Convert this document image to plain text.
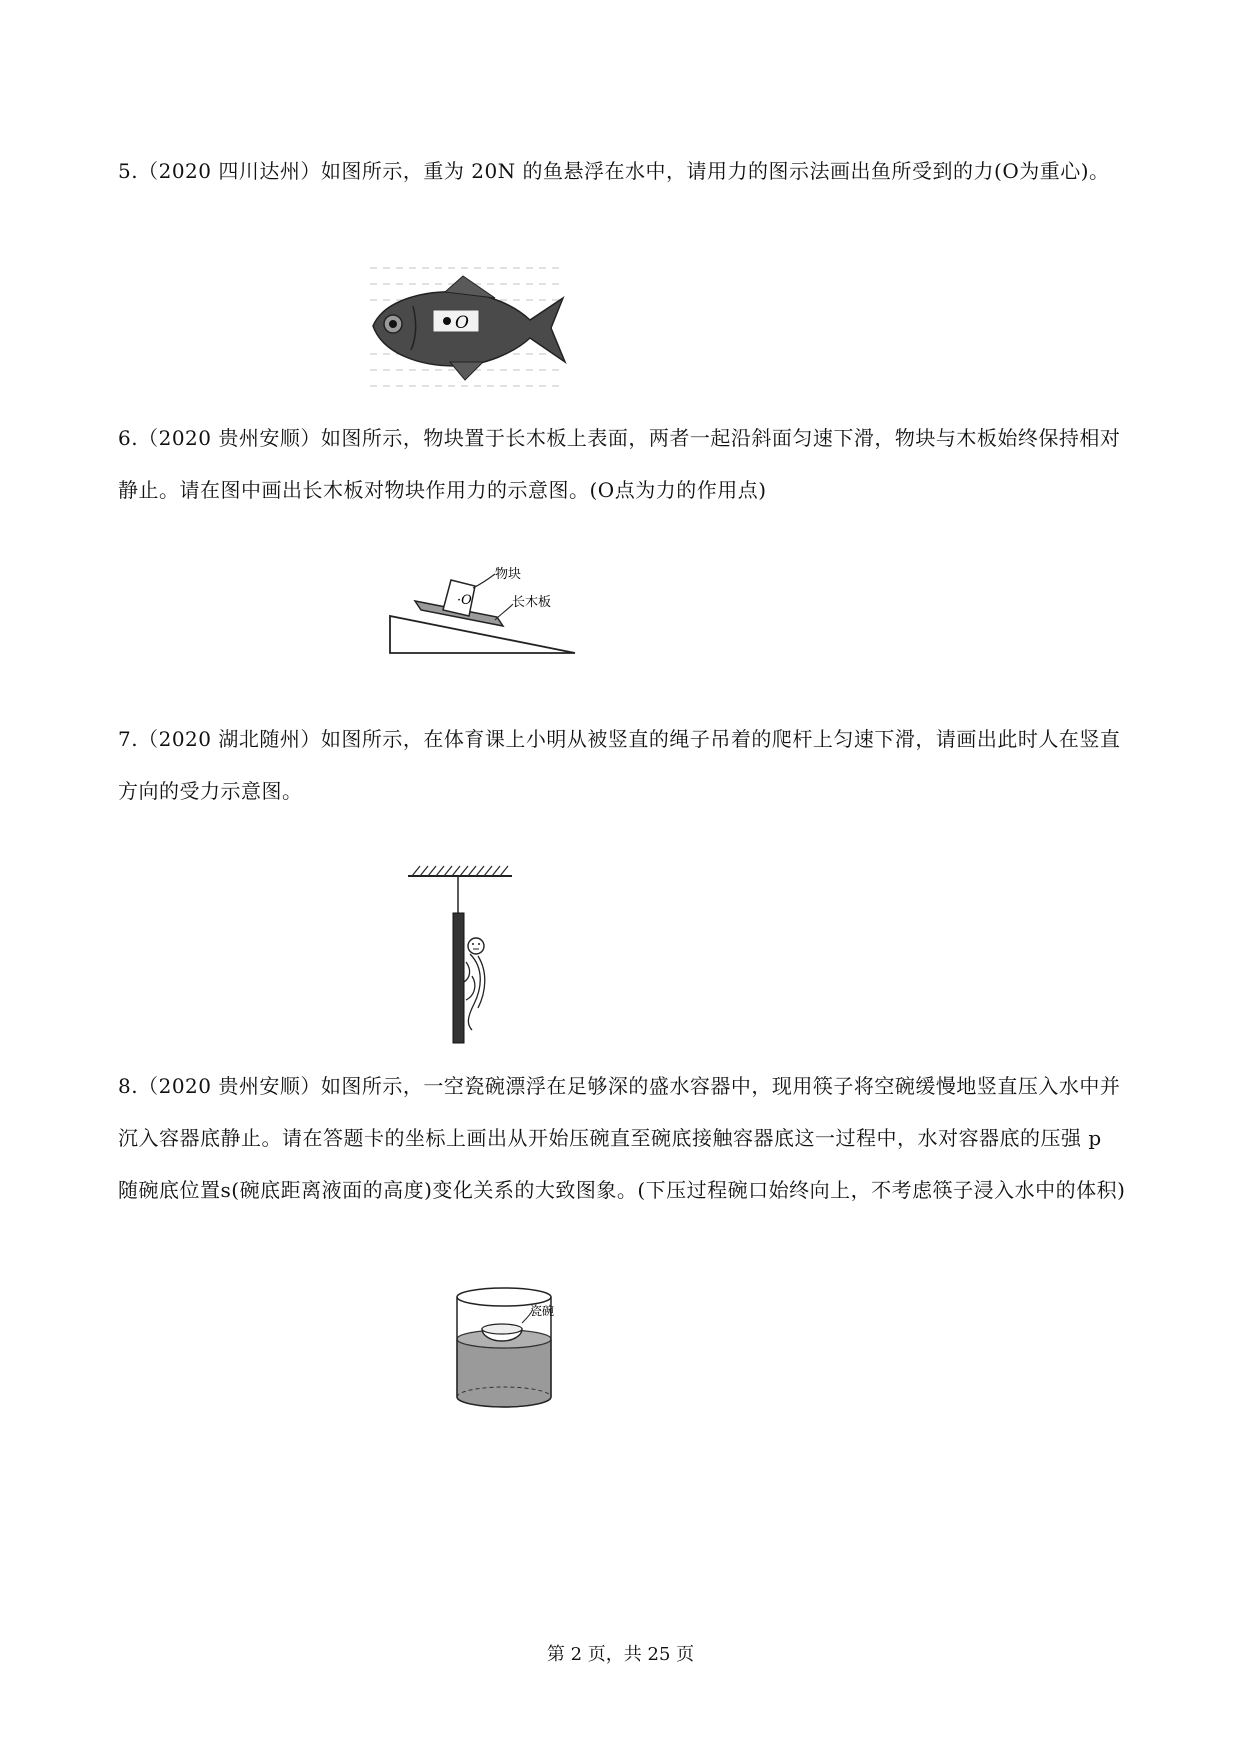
5.（2020 四川达州）如图所示，重为 20N 的鱼悬浮在水中，请用力的图示法画出鱼所受到的力(O为重心)。
O
6.（2020 贵州安顺）如图所示，物块置于长木板上表面，两者一起沿斜面匀速下滑，物块与木板始终保持相对静止。请在图中画出长木板对物块作用力的示意图。(O点为力的作用点)
·O
物块
长木板
7.（2020 湖北随州）如图所示，在体育课上小明从被竖直的绳子吊着的爬杆上匀速下滑，请画出此时人在竖直方向的受力示意图。
8.（2020 贵州安顺）如图所示，一空瓷碗漂浮在足够深的盛水容器中，现用筷子将空碗缓慢地竖直压入水中并沉入容器底静止。请在答题卡的坐标上画出从开始压碗直至碗底接触容器底这一过程中，水对容器底的压强 p 随碗底位置s(碗底距离液面的高度)变化关系的大致图象。(下压过程碗口始终向上，不考虑筷子浸入水中的体积)
瓷碗
第 2 页，共 25 页
